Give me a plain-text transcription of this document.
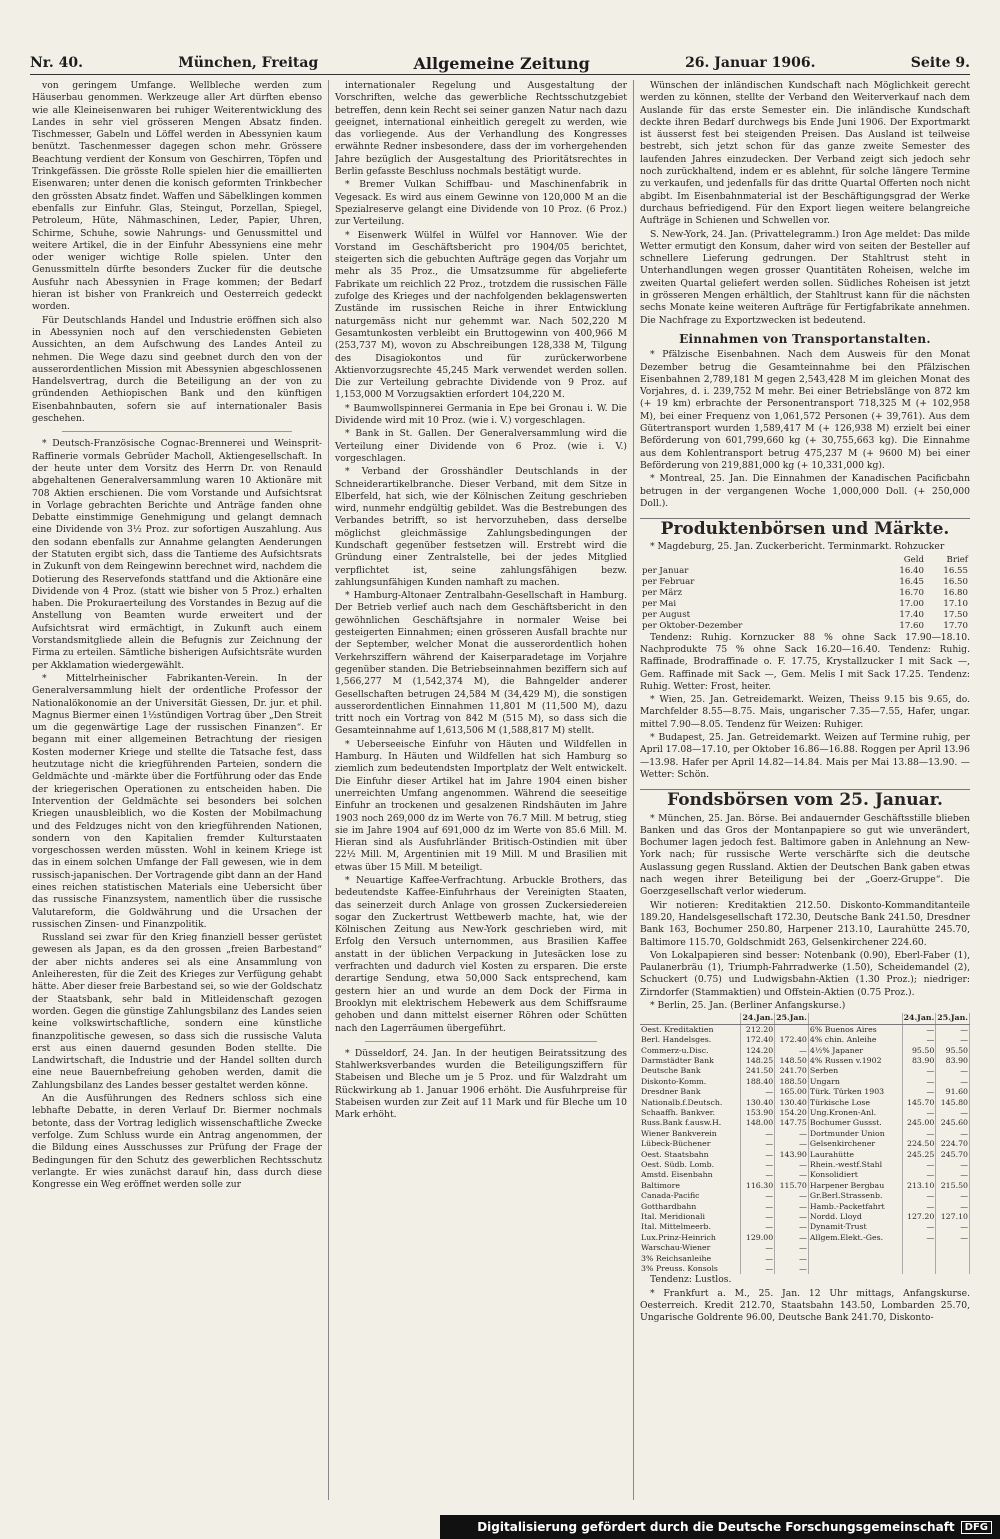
Nr. 40.	München, Freitag	Allgemeine Zeitung	26. Januar 1906.	Seite 9.

von geringem Umfange. Wellbleche werden zum Häuserbau genommen. Werkzeuge aller Art dürften ebenso wie alle Kleineisenwaren bei ruhiger Weiterentwicklung des Landes in sehr viel grösseren Mengen Absatz finden. Tischmesser, Gabeln und Löffel werden in Abessynien kaum benützt. Taschenmesser dagegen schon mehr. Grössere Beachtung verdient der Konsum von Geschirren, Töpfen und Trinkgefässen. Die grösste Rolle spielen hier die emaillierten Eisenwaren; unter denen die konisch geformten Trinkbecher den grössten Absatz findet. Waffen und Säbelklingen kommen ebenfalls zur Einfuhr. Glas, Steingut, Porzellan, Spiegel, Petroleum, Hüte, Nähmaschinen, Leder, Papier, Uhren, Schirme, Schuhe, sowie Nahrungs- und Genussmittel und weitere Artikel, die in der Einfuhr Abessyniens eine mehr oder weniger wichtige Rolle spielen. Unter den Genussmitteln dürfte besonders Zucker für die deutsche Ausfuhr nach Abessynien in Frage kommen; der Bedarf hieran ist bisher von Frankreich und Oesterreich gedeckt worden.

Für Deutschlands Handel und Industrie eröffnen sich also in Abessynien noch auf den verschiedensten Gebieten Aussichten, an dem Aufschwung des Landes Anteil zu nehmen. Die Wege dazu sind geebnet durch den von der ausserordentlichen Mission mit Abessynien abgeschlossenen Handelsvertrag, durch die Beteiligung an der von zu gründenden Aethiopischen Bank und den künftigen Eisenbahnbauten, sofern sie auf internationaler Basis geschehen.

* Deutsch-Französische Cognac-Brennerei und Weinsprit-Raffinerie vormals Gebrüder Macholl, Aktiengesellschaft. In der heute unter dem Vorsitz des Herrn Dr. von Renauld abgehaltenen Generalversammlung waren 10 Aktionäre mit 708 Aktien erschienen. Die vom Vorstande und Aufsichtsrat in Vorlage gebrachten Berichte und Anträge fanden ohne Debatte einstimmige Genehmigung und gelangt demnach eine Dividende von 3½ Proz. zur sofortigen Auszahlung. Aus den sodann ebenfalls zur Annahme gelangten Aenderungen der Statuten ergibt sich, dass die Tantieme des Aufsichtsrats in Zukunft von dem Reingewinn berechnet wird, nachdem die Dotierung des Reservefonds stattfand und die Aktionäre eine Dividende von 4 Proz. (statt wie bisher von 5 Proz.) erhalten haben. Die Prokuraerteilung des Vorstandes in Bezug auf die Anstellung von Beamten wurde erweitert und der Aufsichtsrat wird ermächtigt, in Zukunft auch einem Vorstandsmitgliede allein die Befugnis zur Zeichnung der Firma zu erteilen. Sämtliche bisherigen Aufsichtsräte wurden per Akklamation wiedergewählt.

* Mittelrheinischer Fabrikanten-Verein. In der Generalversammlung hielt der ordentliche Professor der Nationalökonomie an der Universität Giessen, Dr. jur. et phil. Magnus Biermer einen 1½stündigen Vortrag über „Den Streit um die gegenwärtige Lage der russischen Finanzen“. Er begann mit einer allgemeinen Betrachtung der riesigen Kosten moderner Kriege und stellte die Tatsache fest, dass heutzutage nicht die kriegführenden Parteien, sondern die Geldmächte und -märkte über die Fortführung oder das Ende der kriegerischen Operationen zu entscheiden haben. Die Intervention der Geldmächte sei besonders bei solchen Kriegen unausbleiblich, wo die Kosten der Mobilmachung und des Feldzuges nicht von den kriegführenden Nationen, sondern von den Kapitalien fremder Kulturstaaten vorgeschossen werden müssten. Wohl in keinem Kriege ist das in einem solchen Umfange der Fall gewesen, wie in dem russisch-japanischen. Der Vortragende gibt dann an der Hand eines reichen statistischen Materials eine Uebersicht über das russische Finanzsystem, namentlich über die russische Valutareform, die Goldwährung und die Ursachen der russischen Zinsen- und Finanzpolitik.

Russland sei zwar für den Krieg finanziell besser gerüstet gewesen als Japan, es da den grossen „freien Barbestand“ der aber nichts anderes sei als eine Ansammlung von Anleiheresten, für die Zeit des Krieges zur Verfügung gehabt hätte. Aber dieser freie Barbestand sei, so wie der Goldschatz der Staatsbank, sehr bald in Mitleidenschaft gezogen worden. Gegen die günstige Zahlungsbilanz des Landes seien keine volkswirtschaftliche, sondern eine künstliche finanzpolitische gewesen, so dass sich die russische Valuta erst aus einen dauernd gesunden Boden stellte. Die Landwirtschaft, die Industrie und der Handel sollten durch eine neue Bauernbefreiung gehoben werden, damit die Zahlungsbilanz des Landes besser gestaltet werden könne.

An die Ausführungen des Redners schloss sich eine lebhafte Debatte, in deren Verlauf Dr. Biermer nochmals betonte, dass der Vortrag lediglich wissenschaftliche Zwecke verfolge. Zum Schluss wurde ein Antrag angenommen, der die Bildung eines Ausschusses zur Prüfung der Frage der Bedingungen für den Schutz des gewerblichen Rechtsschutz verlangte. Er wies zunächst darauf hin, dass durch diese Kongresse ein Weg eröffnet werden solle zur

internationaler Regelung und Ausgestaltung der Vorschriften, welche das gewerbliche Rechtsschutzgebiet betreffen, denn kein Recht sei seiner ganzen Natur nach dazu geeignet, international einheitlich geregelt zu werden, wie das vorliegende. Aus der Verhandlung des Kongresses erwähnte Redner insbesondere, dass der im vorhergehenden Jahre bezüglich der Ausgestaltung des Prioritätsrechtes in Berlin gefasste Beschluss nochmals bestätigt wurde.

* Bremer Vulkan Schiffbau- und Maschinenfabrik in Vegesack. Es wird aus einem Gewinne von 120,000 M an die Spezialreserve gelangt eine Dividende von 10 Proz. (6 Proz.) zur Verteilung.

* Eisenwerk Wülfel in Wülfel vor Hannover. Wie der Vorstand im Geschäftsbericht pro 1904/05 berichtet, steigerten sich die gebuchten Aufträge gegen das Vorjahr um mehr als 35 Proz., die Umsatzsumme für abgelieferte Fabrikate um reichlich 22 Proz., trotzdem die russischen Fälle zufolge des Krieges und der nachfolgenden beklagenswerten Zustände im russischen Reiche in ihrer Entwicklung naturgemäss nicht nur gehemmt war. Nach 502,220 M Gesamtunkosten verbleibt ein Bruttogewinn von 400,966 M (253,737 M), wovon zu Abschreibungen 128,338 M, Tilgung des Disagiokontos und für zurückerworbene Aktienvorzugsrechte 45,245 Mark verwendet werden sollen. Die zur Verteilung gebrachte Dividende von 9 Proz. auf 1,153,000 M Vorzugsaktien erfordert 104,220 M.

* Baumwollspinnerei Germania in Epe bei Gronau i. W. Die Dividende wird mit 10 Proz. (wie i. V.) vorgeschlagen.

* Bank in St. Gallen. Der Generalversammlung wird die Verteilung einer Dividende von 6 Proz. (wie i. V.) vorgeschlagen.

* Verband der Grosshändler Deutschlands in der Schneiderartikelbranche. Dieser Verband, mit dem Sitze in Elberfeld, hat sich, wie der Kölnischen Zeitung geschrieben wird, nunmehr endgültig gebildet. Was die Bestrebungen des Verbandes betrifft, so ist hervorzuheben, dass derselbe möglichst gleichmässige Zahlungsbedingungen der Kundschaft gegenüber festsetzen will. Erstrebt wird die Gründung einer Zentralstelle, bei der jedes Mitglied verpflichtet ist, seine zahlungsfähigen bezw. zahlungsunfähigen Kunden namhaft zu machen.

* Hamburg-Altonaer Zentralbahn-Gesellschaft in Hamburg. Der Betrieb verlief auch nach dem Geschäftsbericht in den gewöhnlichen Geschäftsjahre in normaler Weise bei gesteigerten Einnahmen; einen grösseren Ausfall brachte nur der September, welcher Monat die ausserordentlich hohen Verkehrsziffern während der Kaiserparadetage im Vorjahre gegenüber standen. Die Betriebseinnahmen beziffern sich auf 1,566,277 M (1,542,374 M), die Bahngelder anderer Gesellschaften betrugen 24,584 M (34,429 M), die sonstigen ausserordentlichen Einnahmen 11,801 M (11,500 M), dazu tritt noch ein Vortrag von 842 M (515 M), so dass sich die Gesamteinnahme auf 1,613,506 M (1,588,817 M) stellt.

* Ueberseeische Einfuhr von Häuten und Wildfellen in Hamburg. In Häuten und Wildfellen hat sich Hamburg so ziemlich zum bedeutendsten Importplatz der Welt entwickelt. Die Einfuhr dieser Artikel hat im Jahre 1904 einen bisher unerreichten Umfang angenommen. Während die seeseitige Einfuhr an trockenen und gesalzenen Rindshäuten im Jahre 1903 noch 269,000 dz im Werte von 76.7 Mill. M betrug, stieg sie im Jahre 1904 auf 691,000 dz im Werte von 85.6 Mill. M. Hieran sind als Ausfuhrländer Britisch-Ostindien mit über 22½ Mill. M, Argentinien mit 19 Mill. M und Brasilien mit etwas über 15 Mill. M beteiligt.

* Neuartige Kaffee-Verfrachtung. Arbuckle Brothers, das bedeutendste Kaffee-Einfuhrhaus der Vereinigten Staaten, das seinerzeit durch Anlage von grossen Zuckersiedereien sogar den Zuckertrust Wettbewerb machte, hat, wie der Kölnischen Zeitung aus New-York geschrieben wird, mit Erfolg den Versuch unternommen, aus Brasilien Kaffee anstatt in der üblichen Verpackung in Jutesäcken lose zu verfrachten und dadurch viel Kosten zu ersparen. Die erste derartige Sendung, etwa 50,000 Sack entsprechend, kam gestern hier an und wurde an dem Dock der Firma in Brooklyn mit elektrischem Hebewerk aus dem Schiffsraume gehoben und dann mittelst eiserner Röhren oder Schütten nach den Lagerräumen übergeführt.

* Düsseldorf, 24. Jan. In der heutigen Beiratssitzung des Stahlwerksverbandes wurden die Beteiligungsziffern für Stabeisen und Bleche um je 5 Proz. und für Walzdraht um Rückwirkung ab 1. Januar 1906 erhöht. Die Ausfuhrpreise für Stabeisen wurden zur Zeit auf 11 Mark und für Bleche um 10 Mark erhöht.

Wünschen der inländischen Kundschaft nach Möglichkeit gerecht werden zu können, stellte der Verband den Weiterverkauf nach dem Auslande für das erste Semester ein. Die inländische Kundschaft deckte ihren Bedarf durchwegs bis Ende Juni 1906. Der Exportmarkt ist äusserst fest bei steigenden Preisen. Das Ausland ist teilweise bestrebt, sich jetzt schon für das ganze zweite Semester des laufenden Jahres einzudecken. Der Verband zeigt sich jedoch sehr noch zurückhaltend, indem er es ablehnt, für solche längere Termine zu verkaufen, und jedenfalls für das dritte Quartal Offerten noch nicht abgibt. Im Eisenbahnmaterial ist der Beschäftigungsgrad der Werke durchaus befriedigend. Für den Export liegen weitere belangreiche Aufträge in Schienen und Schwellen vor.

S. New-York, 24. Jan. (Privattelegramm.) Iron Age meldet: Das milde Wetter ermutigt den Konsum, daher wird von seiten der Besteller auf schnellere Lieferung gedrungen. Der Stahltrust steht in Unterhandlungen wegen grosser Quantitäten Roheisen, welche im zweiten Quartal geliefert werden sollen. Südliches Roheisen ist jetzt in grösseren Mengen erhältlich, der Stahltrust kann für die nächsten sechs Monate keine weiteren Aufträge für Fertigfabrikate annehmen. Die Nachfrage zu Exportzwecken ist bedeutend.

Einnahmen von Transportanstalten.

* Pfälzische Eisenbahnen. Nach dem Ausweis für den Monat Dezember betrug die Gesamteinnahme bei den Pfälzischen Eisenbahnen 2,789,181 M gegen 2,543,428 M im gleichen Monat des Vorjahres, d. i. 239,752 M mehr. Bei einer Betriebslänge von 872 km (+ 19 km) erbrachte der Personentransport 718,325 M (+ 102,958 M), bei einer Frequenz von 1,061,572 Personen (+ 39,761). Aus dem Gütertransport wurden 1,589,417 M (+ 126,938 M) erzielt bei einer Beförderung von 601,799,660 kg (+ 30,755,663 kg). Die Einnahme aus dem Kohlentransport betrug 475,237 M (+ 9600 M) bei einer Beförderung von 219,881,000 kg (+ 10,331,000 kg).

* Montreal, 25. Jan. Die Einnahmen der Kanadischen Pacificbahn betrugen in der vergangenen Woche 1,000,000 Doll. (+ 250,000 Doll.).

Produktenbörsen und Märkte.

* Magdeburg, 25. Jan. Zuckerbericht. Terminmarkt. Rohzucker

	Geld	Brief
per Januar	16.40	16.55
per Februar	16.45	16.50
per März	16.70	16.80
per Mai	17.00	17.10
per August	17.40	17.50
per Oktober-Dezember	17.60	17.70

Tendenz: Ruhig. Kornzucker 88 % ohne Sack 17.90—18.10. Nachprodukte 75 % ohne Sack 16.20—16.40. Tendenz: Ruhig. Raffinade, Brodraffinade o. F. 17.75, Krystallzucker I mit Sack —, Gem. Raffinade mit Sack —, Gem. Melis I mit Sack 17.25. Tendenz: Ruhig. Wetter: Frost, heiter.

* Wien, 25. Jan. Getreidemarkt. Weizen, Theiss 9.15 bis 9.65, do. Marchfelder 8.55—8.75. Mais, ungarischer 7.35—7.55, Hafer, ungar. mittel 7.90—8.05. Tendenz für Weizen: Ruhiger.

* Budapest, 25. Jan. Getreidemarkt. Weizen auf Termine ruhig, per April 17.08—17.10, per Oktober 16.86—16.88. Roggen per April 13.96—13.98. Hafer per April 14.82—14.84. Mais per Mai 13.88—13.90. — Wetter: Schön.

Fondsbörsen vom 25. Januar.

* München, 25. Jan. Börse. Bei andauernder Geschäftsstille blieben Banken und das Gros der Montanpapiere so gut wie unverändert, Bochumer lagen jedoch fest. Baltimore gaben in Anlehnung an New-York nach; für russische Werte verschärfte sich die deutsche Auslassung gegen Russland. Aktien der Deutschen Bank gaben etwas nach wegen ihrer Beteiligung bei der „Goerz-Gruppe“. Die Goerzgesellschaft verlor wiederum.

Wir notieren: Kreditaktien 212.50. Diskonto-Kommanditanteile 189.20, Handelsgesellschaft 172.30, Deutsche Bank 241.50, Dresdner Bank 163, Bochumer 250.80, Harpener 213.10, Laurahütte 245.70, Baltimore 115.70, Goldschmidt 263, Gelsenkirchener 224.60.

Von Lokalpapieren sind besser: Notenbank (0.90), Eberl-Faber (1), Paulanerbräu (1), Triumph-Fahrradwerke (1.50), Scheidemandel (2), Schuckert (0.75) und Ludwigsbahn-Aktien (1.30 Proz.); niedriger: Zirndorfer (Stammaktien) und Offstein-Aktien (0.75 Proz.).

* Berlin, 25. Jan. (Berliner Anfangskurse.)

	24.Jan.	25.Jan.		24.Jan.	25.Jan.
Oest. Kreditaktien	212.20		6% Buenos Aires	—	—
Berl. Handelsges.	172.40	172.40	4% chin. Anleihe	—	—
Commerz-u.Disc.	124.20	—	4½% Japaner	95.50	95.50
Darmstädter Bank	148.25	148.50	4% Russen v.1902	83.90	83.90
Deutsche Bank	241.50	241.70	Serben	—	—
Diskonto-Komm.	188.40	188.50	Ungarn	—	—
Dresdner Bank	—	165.00	Türk. Türken 1903	—	91.60
Nationalb.f.Deutsch.	130.40	130.40	Türkische Lose	145.70	145.80
Schaaffh. Bankver.	153.90	154.20	Ung.Kronen-Anl.	—	—
Russ.Bank f.ausw.H.	148.00	147.75	Bochumer Gussst.	245.00	245.60
Wiener Bankverein	—	—	Dortmunder Union	—	—
Lübeck-Büchener	—	—	Gelsenkirchener	224.50	224.70
Oest. Staatsbahn	—	143.90	Laurahütte	245.25	245.70
Oest. Südb. Lomb.	—	—	Rhein.-westf.Stahl	—	—
Amstd. Eisenbahn	—	—	Konsolidiert	—	—
Baltimore	116.30	115.70	Harpener Bergbau	213.10	215.50
Canada-Pacific	—	—	Gr.Berl.Strassenb.	—	—
Gotthardbahn	—	—	Hamb.-Packetfahrt	—	—
Ital. Meridionali	—	—	Nordd. Lloyd	127.20	127.10
Ital. Mittelmeerb.	—	—	Dynamit-Trust	—	—
Lux.Prinz-Heinrich	129.00	—	Allgem.Elekt.-Ges.	—	—
Warschau-Wiener	—	—			
3% Reichsanleihe	—	—			
3% Preuss. Konsols	—	—			

Tendenz: Lustlos.

* Frankfurt a. M., 25. Jan. 12 Uhr mittags, Anfangskurse. Oesterreich. Kredit 212.70, Staatsbahn 143.50, Lombarden 25.70, Ungarische Goldrente 96.00, Deutsche Bank 241.70, Diskonto-

Digitalisierung gefördert durch die Deutsche Forschungsgemeinschaft	DFG
